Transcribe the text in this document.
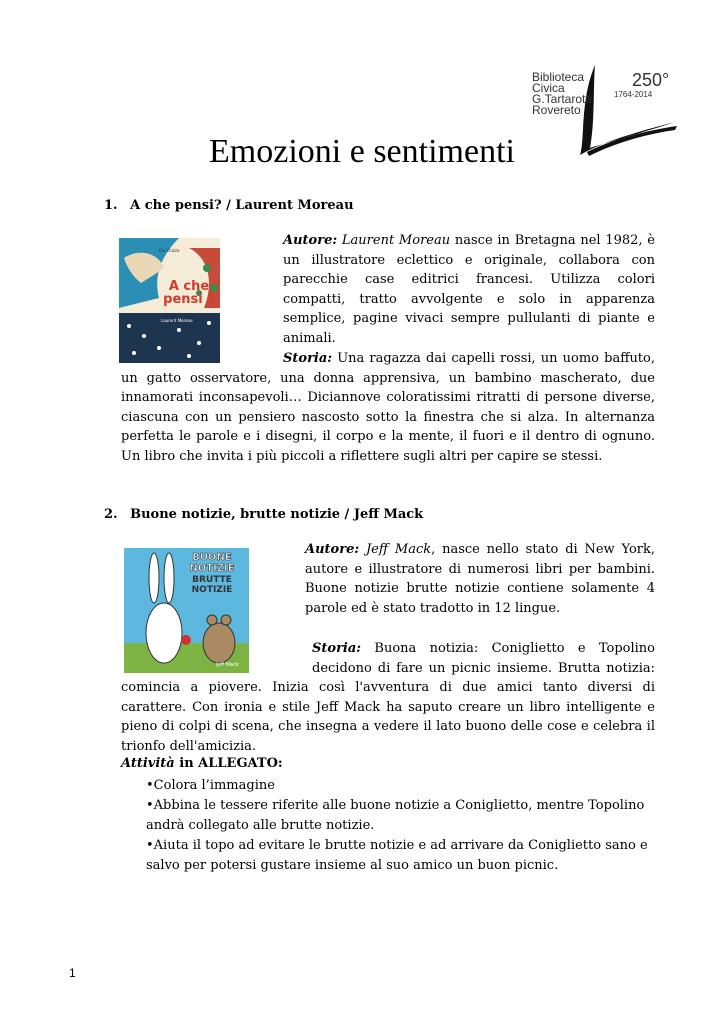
Biblioteca
Civica
G.Tartarotti
Rovereto
250°
1764-2014
Emozioni e sentimenti
1. A che pensi? / Laurent Moreau
A che pensi ?
Ela Chizza
Laurent Moreau
Autore: Laurent Moreau nasce in Bretagna nel 1982, è un illustratore eclettico e originale, collabora con parecchie case editrici francesi. Utilizza colori compatti, tratto avvolgente e solo in apparenza semplice, pagine vivaci sempre pullulanti di piante e animali.
Storia: Una ragazza dai capelli rossi, un uomo baffuto, un gatto osservatore, una donna apprensiva, un bambino mascherato, due innamorati inconsapevoli… Diciannove coloratissimi ritratti di persone diverse, ciascuna con un pensiero nascosto sotto la finestra che si alza. In alternanza perfetta le parole e i disegni, il corpo e la mente, il fuori e il dentro di ognuno. Un libro che invita i più piccoli a riflettere sugli altri per capire se stessi.
2. Buone notizie, brutte notizie / Jeff Mack
BUONE NOTIZIE
BRUTTE NOTIZIE
Jeff Mack
Autore: Jeff Mack, nasce nello stato di New York, autore e illustratore di numerosi libri per bambini. Buone notizie brutte notizie contiene solamente 4 parole ed è stato tradotto in 12 lingue.
Storia: Buona notizia: Coniglietto e Topolino decidono di fare un picnic insieme. Brutta notizia: comincia a piovere. Inizia così l'avventura di due amici tanto diversi di carattere. Con ironia e stile Jeff Mack ha saputo creare un libro intelligente e pieno di colpi di scena, che insegna a vedere il lato buono delle cose e celebra il trionfo dell'amicizia.
Attività in ALLEGATO:
•Colora l’immagine
•Abbina le tessere riferite alle buone notizie a Coniglietto, mentre Topolino andrà collegato alle brutte notizie.
•Aiuta il topo ad evitare le brutte notizie e ad arrivare da Coniglietto sano e salvo per potersi gustare insieme al suo amico un buon picnic.
1
